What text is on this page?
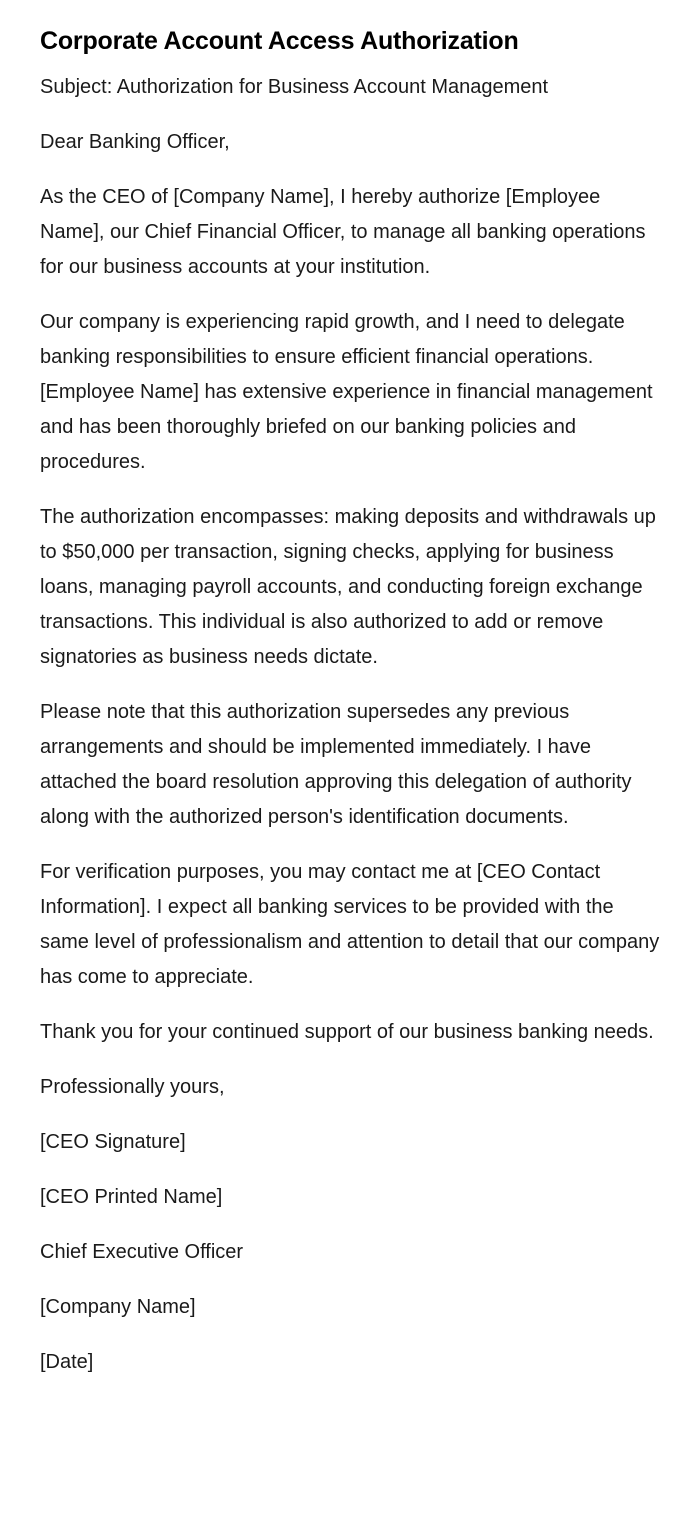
Corporate Account Access Authorization

Subject: Authorization for Business Account Management

Dear Banking Officer,

As the CEO of [Company Name], I hereby authorize [Employee Name], our Chief Financial Officer, to manage all banking operations for our business accounts at your institution.

Our company is experiencing rapid growth, and I need to delegate banking responsibilities to ensure efficient financial operations. [Employee Name] has extensive experience in financial management and has been thoroughly briefed on our banking policies and procedures.

The authorization encompasses: making deposits and withdrawals up to $50,000 per transaction, signing checks, applying for business loans, managing payroll accounts, and conducting foreign exchange transactions. This individual is also authorized to add or remove signatories as business needs dictate.

Please note that this authorization supersedes any previous arrangements and should be implemented immediately. I have attached the board resolution approving this delegation of authority along with the authorized person's identification documents.

For verification purposes, you may contact me at [CEO Contact Information]. I expect all banking services to be provided with the same level of professionalism and attention to detail that our company has come to appreciate.

Thank you for your continued support of our business banking needs.

Professionally yours,

[CEO Signature]

[CEO Printed Name]

Chief Executive Officer

[Company Name]

[Date]
